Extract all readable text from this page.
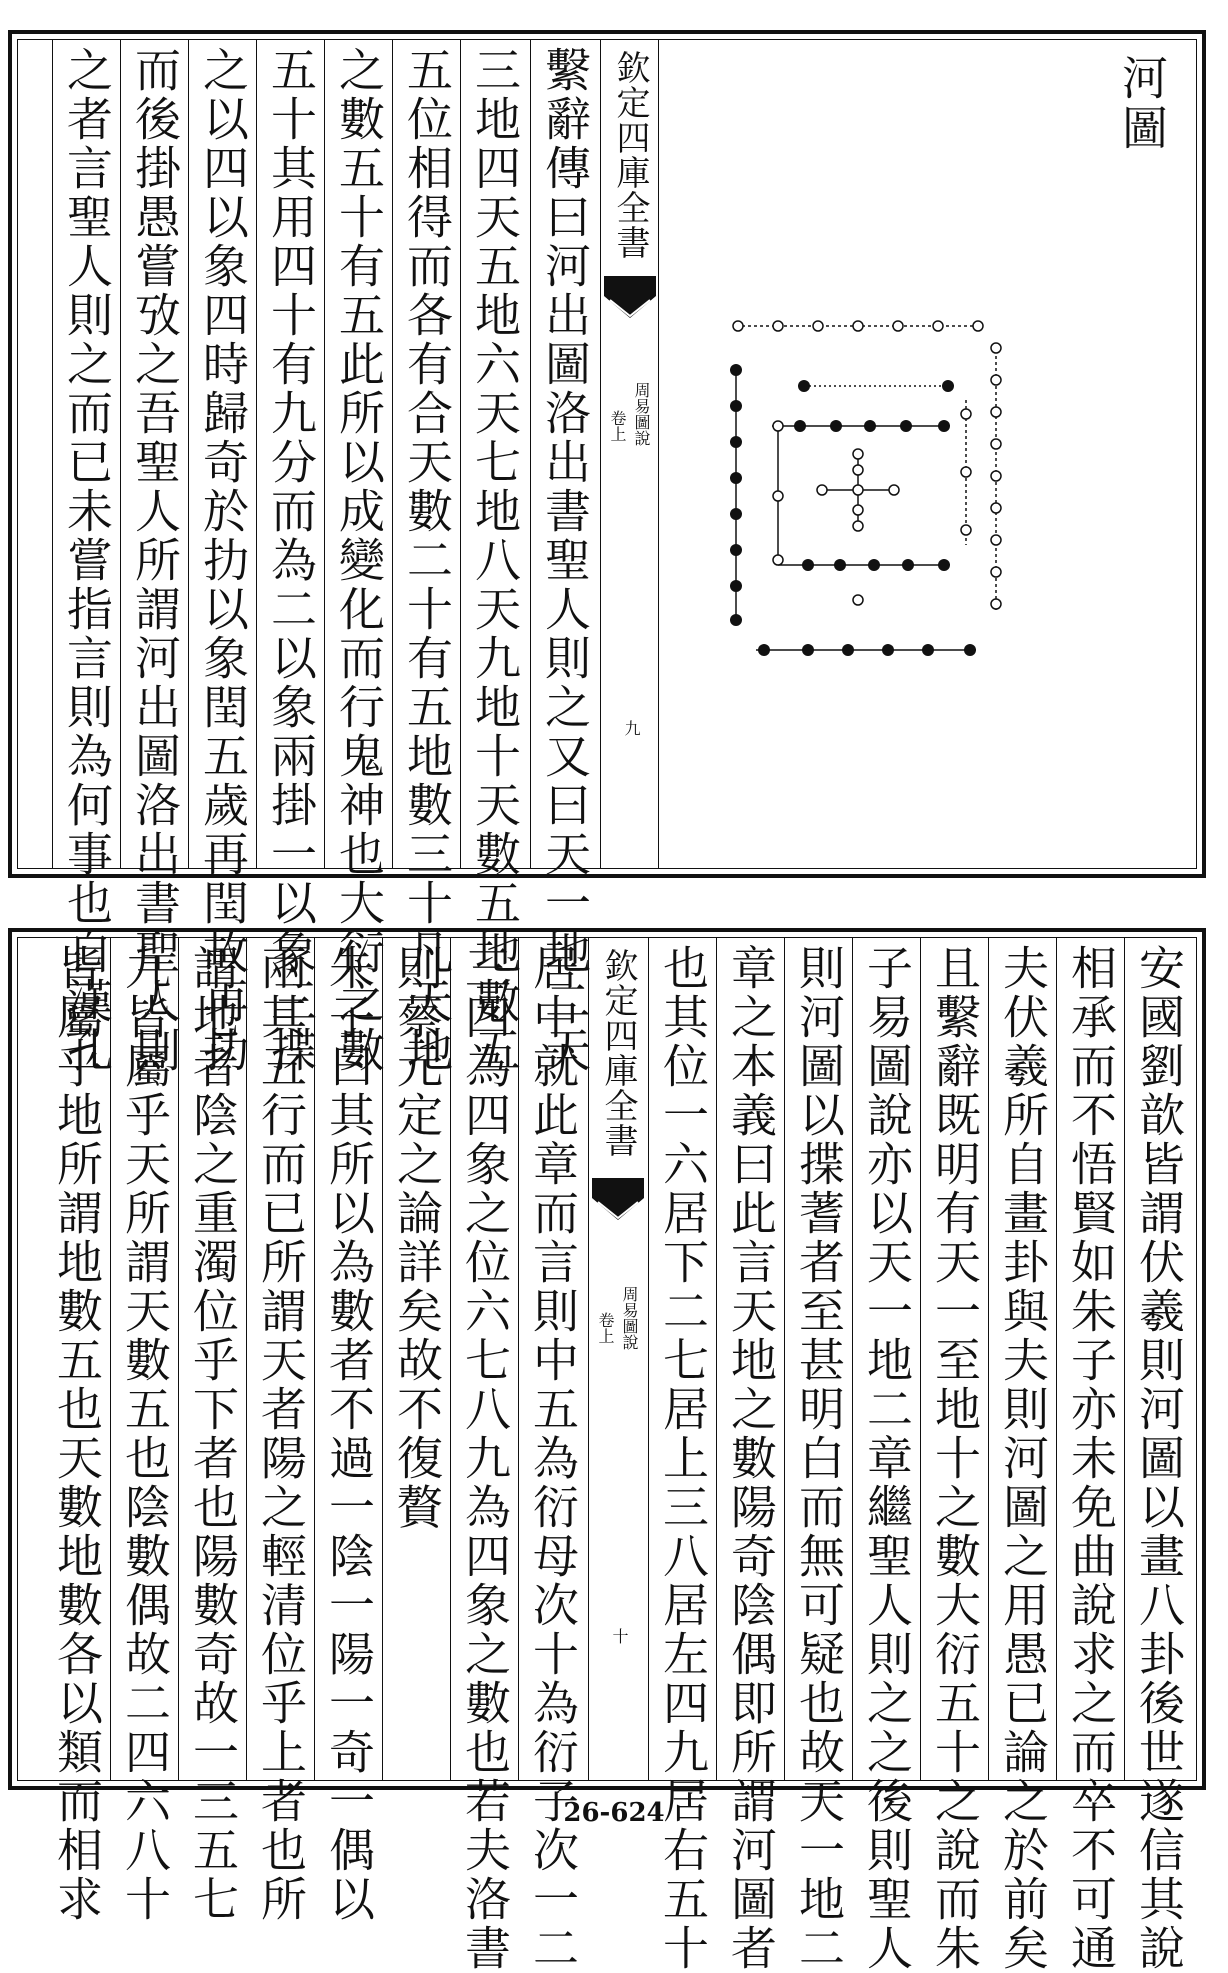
繫辭傳曰河出圖洛出書聖人則之又曰天一地二天
三地四天五地六天七地八天九地十天數五地數五
五位相得而各有合天數二十有五地數三十凡天地
之數五十有五此所以成變化而行鬼神也大衍之數
五十其用四十有九分而為二以象兩掛一以象三揲
之以四以象四時歸奇於扐以象閏五歲再閏故再扐
而後掛愚嘗攷之吾聖人所謂河出圖洛出書聖人則
之者言聖人則之而已未嘗指言則為何事也自漢孔	欽定四庫全書
周易圖說
卷上
九
河圖
安國劉歆皆謂伏羲則河圖以畫八卦後世遂信其說
相承而不悟賢如朱子亦未免曲說求之而卒不可通
夫伏羲所自畫卦與夫則河圖之用愚已論之於前矣
且繫辭既明有天一至地十之數大衍五十之說而朱
子易圖說亦以天一地二章繼聖人則之之後則聖人
則河圖以揲蓍者至甚明白而無可疑也故天一地二
章之本義曰此言天地之數陽奇陰偶即所謂河圖者
也其位一六居下二七居上三八居左四九居右五十
欽定四庫全書
周易圖說
卷上
十
居中就此章而言則中五為衍母次十為衍子次一二
三四為四象之位六七八九為四象之數也若夫洛書
則蔡元定之論詳矣故不復贅
朱子曰其所以為數者不過一陰一陽一奇一偶以
兩其五行而已所謂天者陽之輕清位乎上者也所
謂地者陰之重濁位乎下者也陽數奇故一三五七
九皆屬乎天所謂天數五也陰數偶故二四六八十
皆屬乎地所謂地數五也天數地數各以類而相求	26-624
